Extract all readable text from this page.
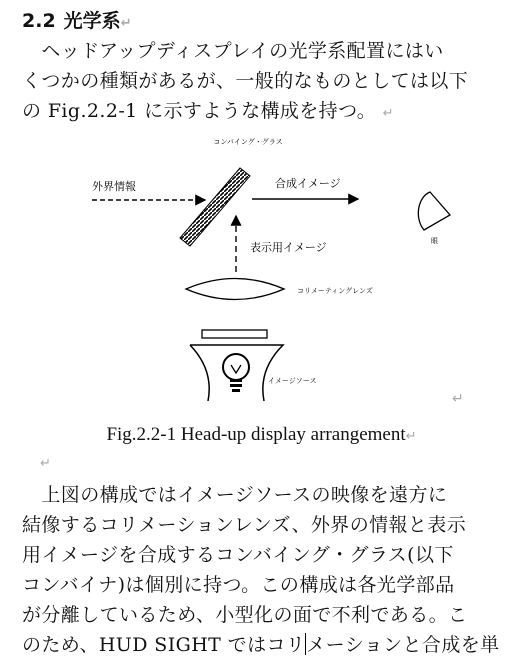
2.2 光学系↵
　ヘッドアップディスプレイの光学系配置にはい
くつかの種類があるが、一般的なものとしては以下
の Fig.2.2-1 に示すような構成を持つ。 ↵
コンバイング・グラス
外界情報	合成イメージ
眼
表示用イメージ
コリメーティングレンズ
イメージソース
↵
Fig.2.2-1 Head-up display arrangement↵
↵
　上図の構成ではイメージソースの映像を遠方に
結像するコリメーションレンズ、外界の情報と表示
用イメージを合成するコンバイング・グラス(以下
コンバイナ)は個別に持つ。この構成は各光学部品
が分離しているため、小型化の面で不利である。こ
のため、HUD SIGHT ではコリメーションと合成を単
